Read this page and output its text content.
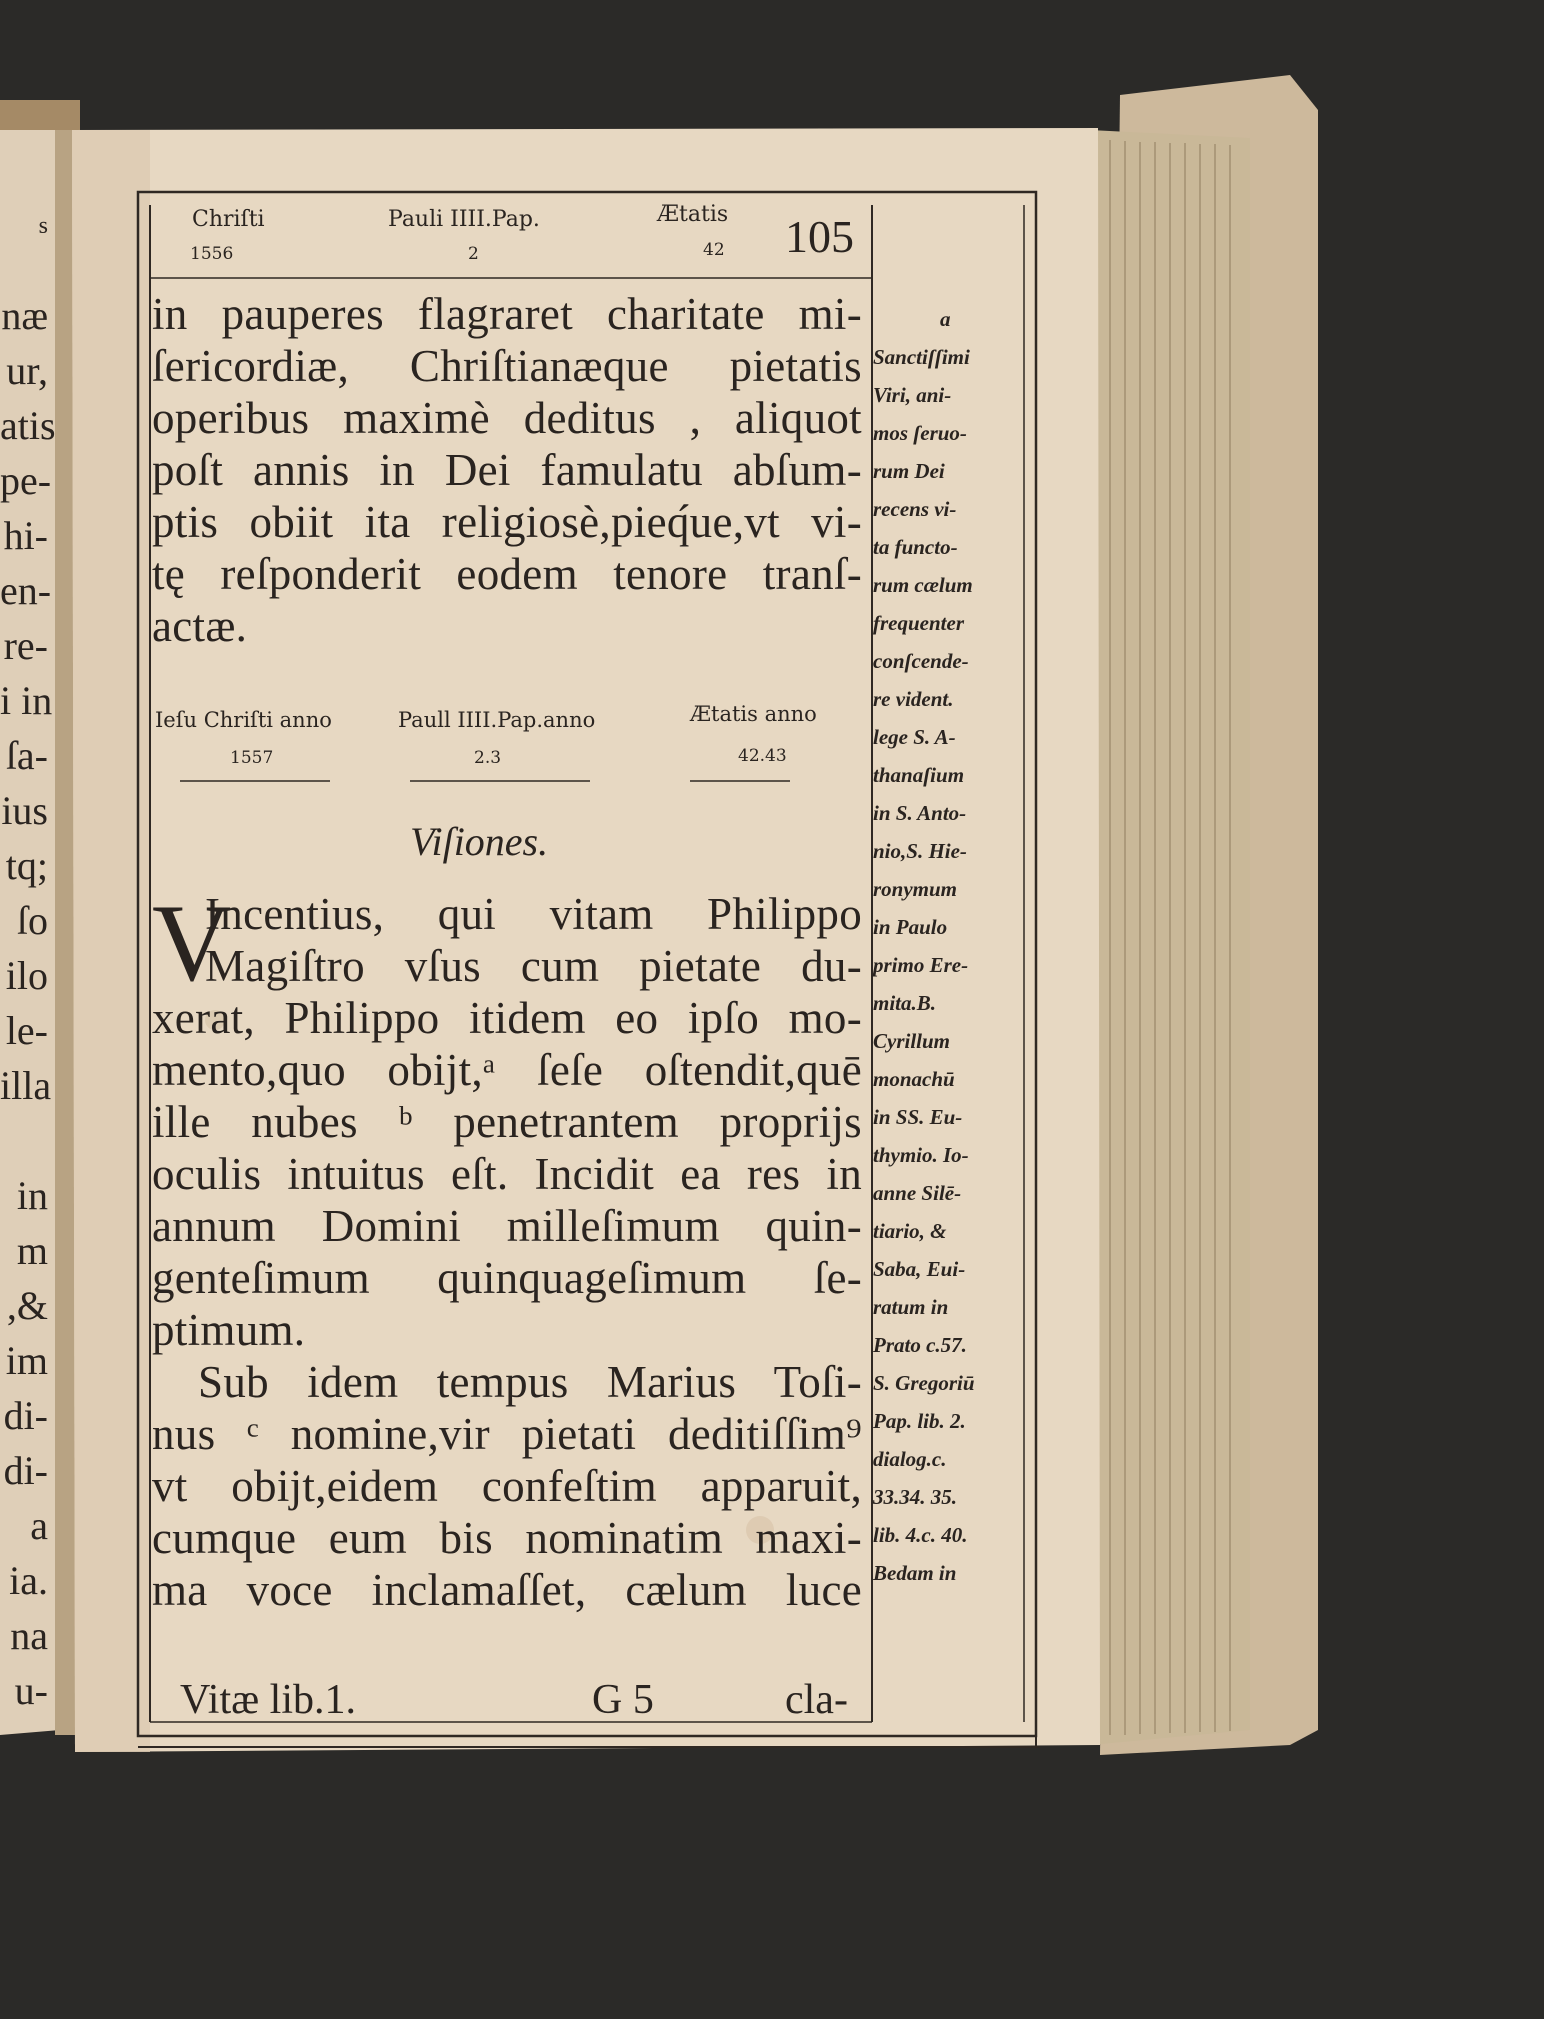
Chriſti
1556
Pauli IIII.Pap.
2
Ætatis
42 105
in pauperes flagraret charitate mi-
ſericordiæ, Chriſtianæque pietatis
operibus maximè deditus , aliquot
poſt annis in Dei famulatu abſum-
ptis obiit ita religiosè,pieq́ue,vt vi-
tę reſponderit eodem tenore tranſ-
actæ.
Ieſu Chriſti anno
1557
Paull IIII.Pap.anno
2.3
Ætatis anno
42.43
Viſiones.
V
Incentius, qui vitam Philippo
Magiſtro vſus cum pietate du-
xerat, Philippo itidem eo ipſo mo-
mento,quo obijt,ᵃ ſeſe oſtendit,quē
ille nubes ᵇ penetrantem proprijs
oculis intuitus eſt. Incidit ea res in
annum Domini milleſimum quin-
genteſimum quinquageſimum ſe-
ptimum.
Sub idem tempus Marius Toſi-
nus ᶜ nomine,vir pietati deditiſſim⁹
vt obijt,eidem confeſtim apparuit,
cumque eum bis nominatim maxi-
ma voce inclamaſſet, cælum luce
Vitæ lib.1.	G 5	cla-
a
Sanctiſſimi
Viri, ani-
mos ſeruo-
rum Dei
recens vi-
ta functo-
rum cælum
frequenter
conſcende-
re vident.
lege S. A-
thanaſium
in S. Anto-
nio,S. Hie-
ronymum
in Paulo
primo Ere-
mita.B.
Cyrillum
monachū
in SS. Eu-
thymio. Io-
anne Silē-
tiario, &
Saba, Eui-
ratum in
Prato c.57.
S. Gregoriū
Pap. lib. 2.
dialog.c.
33.34. 35.
lib. 4.c. 40.
Bedam in
s
næ
ur,
atis
pe-
hi-
en-
re-
i in
ſa-
ius
tq;
ſo
ilo
le-
illa
in
m
,&
im
di-
di-
a
ia.
na
u-
